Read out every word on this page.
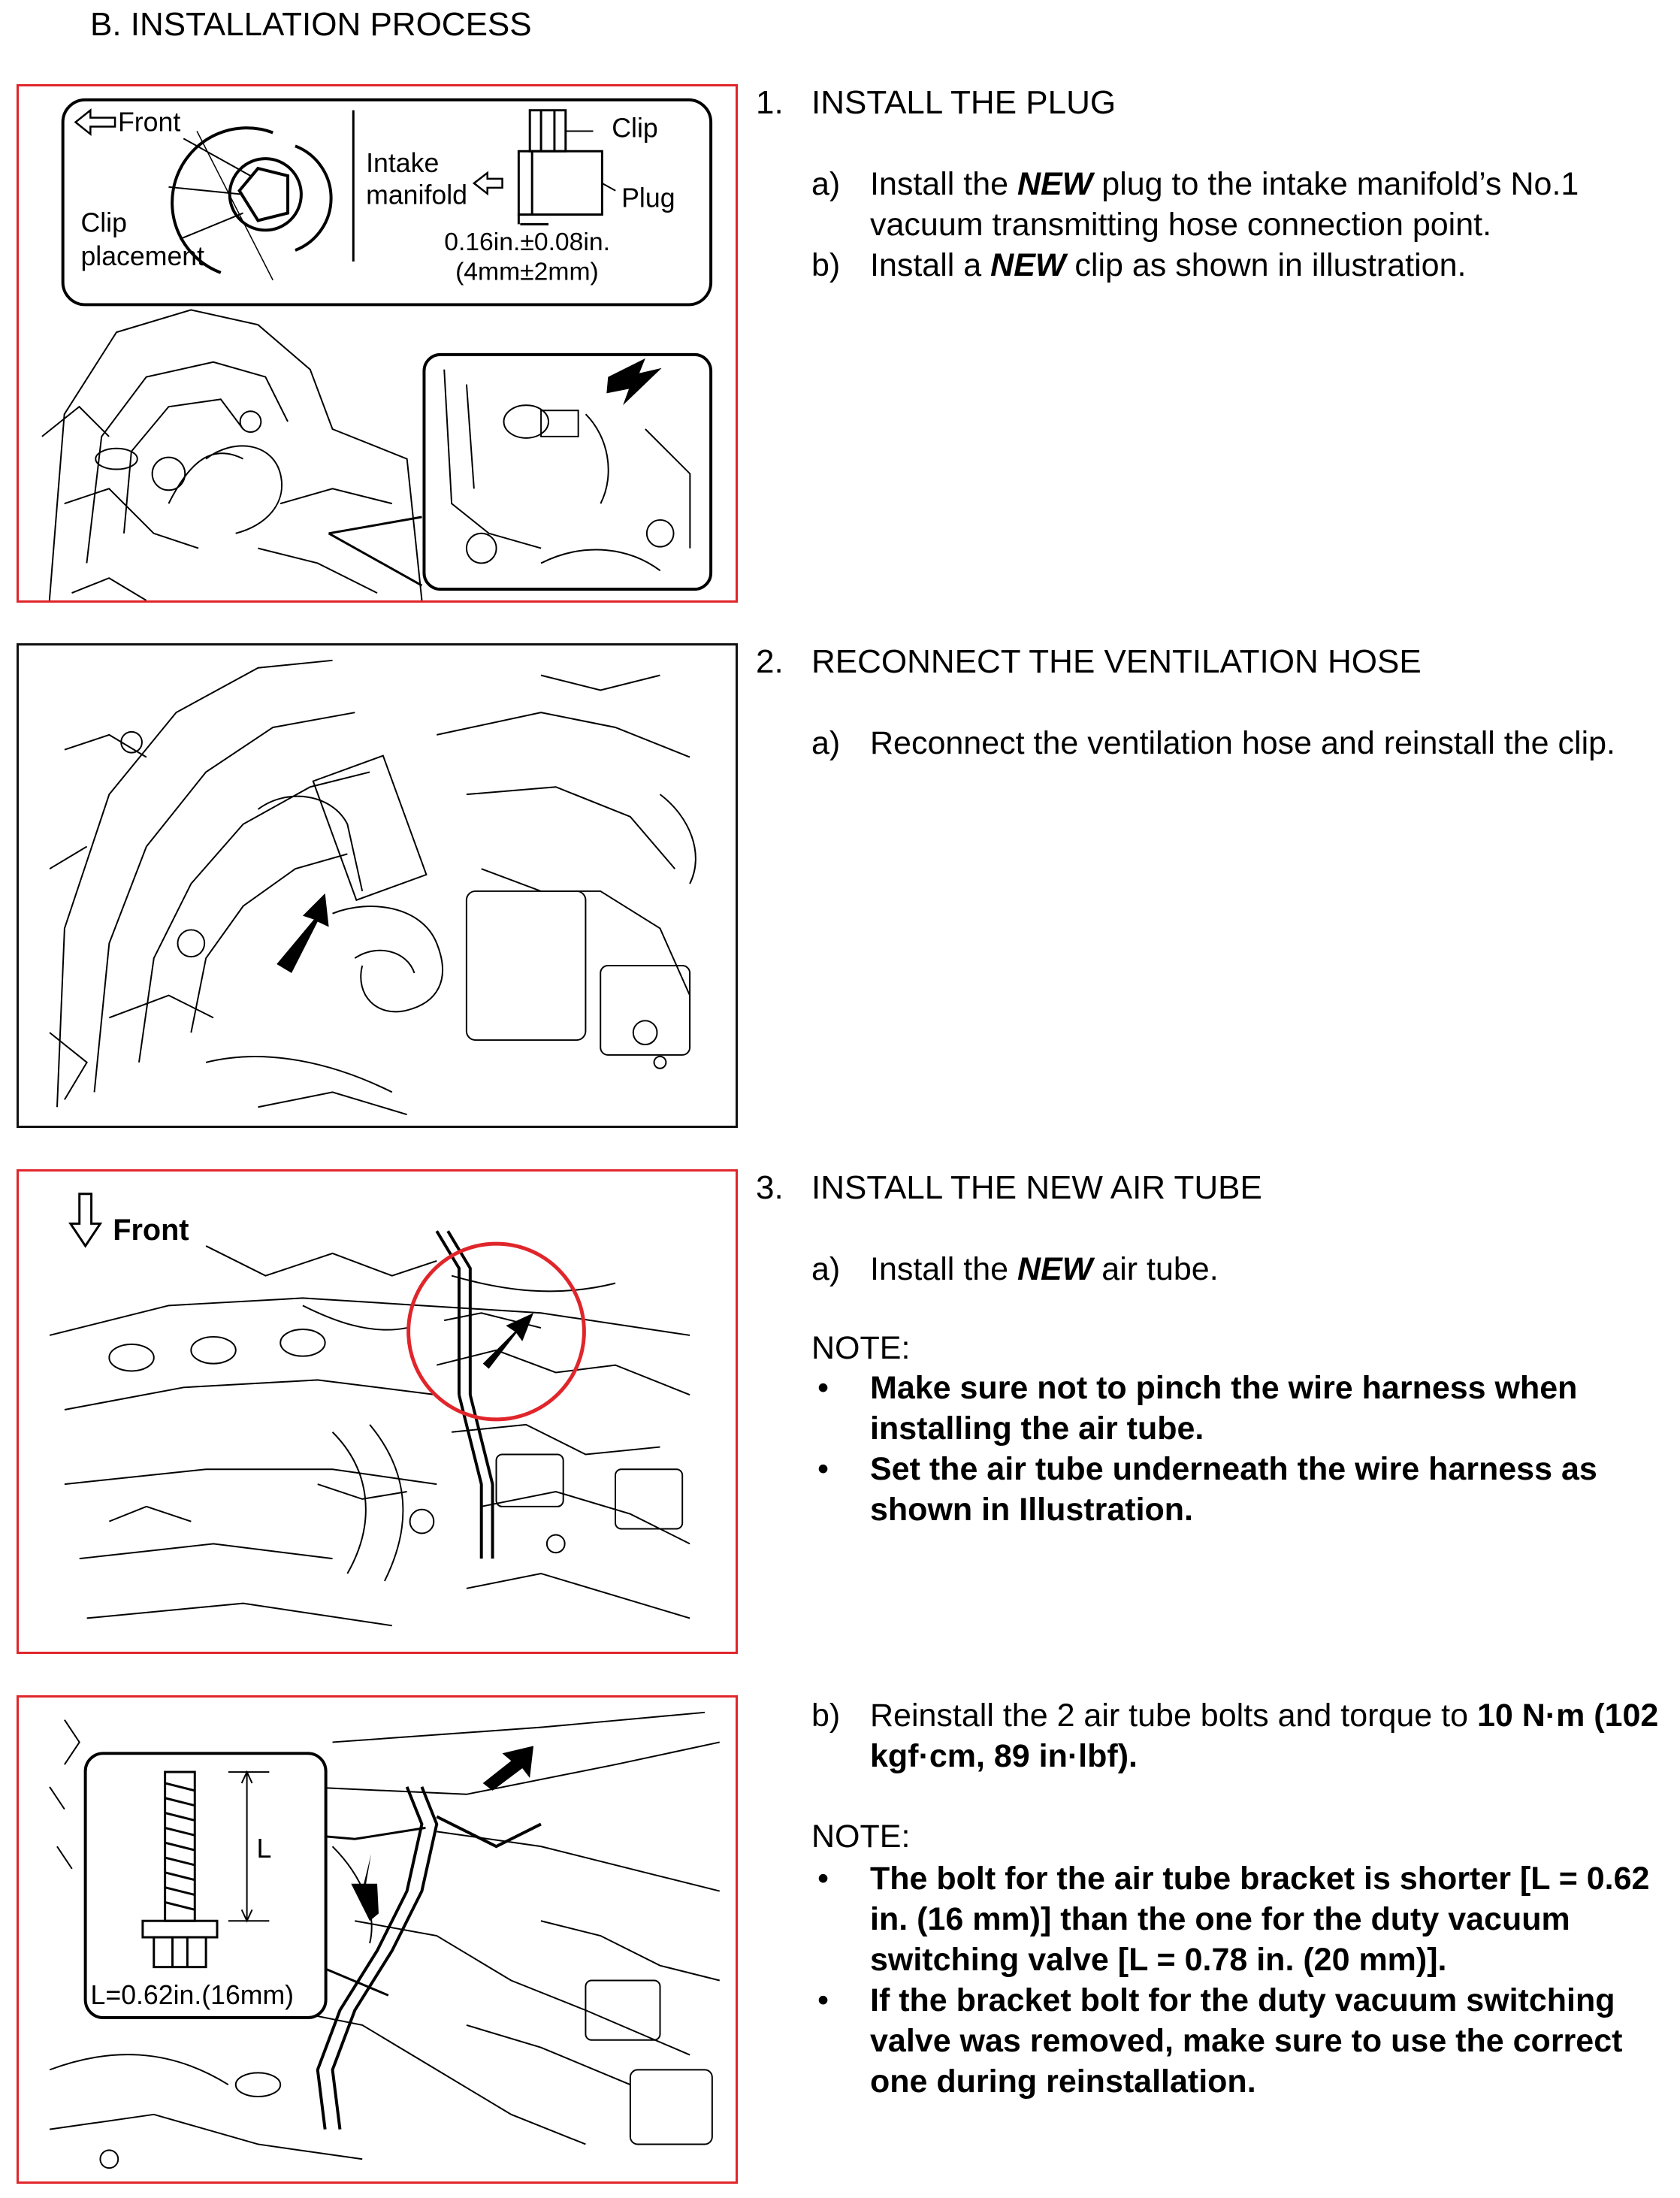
B. INSTALLATION PROCESS
Front
Clip
placement
Intake
manifold
Clip
Plug
0.16in.±0.08in.
(4mm±2mm)
1. INSTALL THE PLUG
a) Install the NEW plug to the intake manifold’s No.1 vacuum transmitting hose connection point.
b) Install a NEW clip as shown in illustration.
2. RECONNECT THE VENTILATION HOSE
a) Reconnect the ventilation hose and reinstall the clip.
Front
3. INSTALL THE NEW AIR TUBE
a) Install the NEW air tube.
NOTE:
•	Make sure not to pinch the wire harness when installing the air tube.
•	Set the air tube underneath the wire harness as shown in Illustration.
L
L=0.62in.(16mm)
b) Reinstall the 2 air tube bolts and torque to 10 N·m (102 kgf·cm, 89 in·lbf).
NOTE:
•	The bolt for the air tube bracket is shorter [L = 0.62 in. (16 mm)] than the one for the duty vacuum switching valve [L = 0.78 in. (20 mm)].
•	If the bracket bolt for the duty vacuum switching valve was removed, make sure to use the correct one during reinstallation.
